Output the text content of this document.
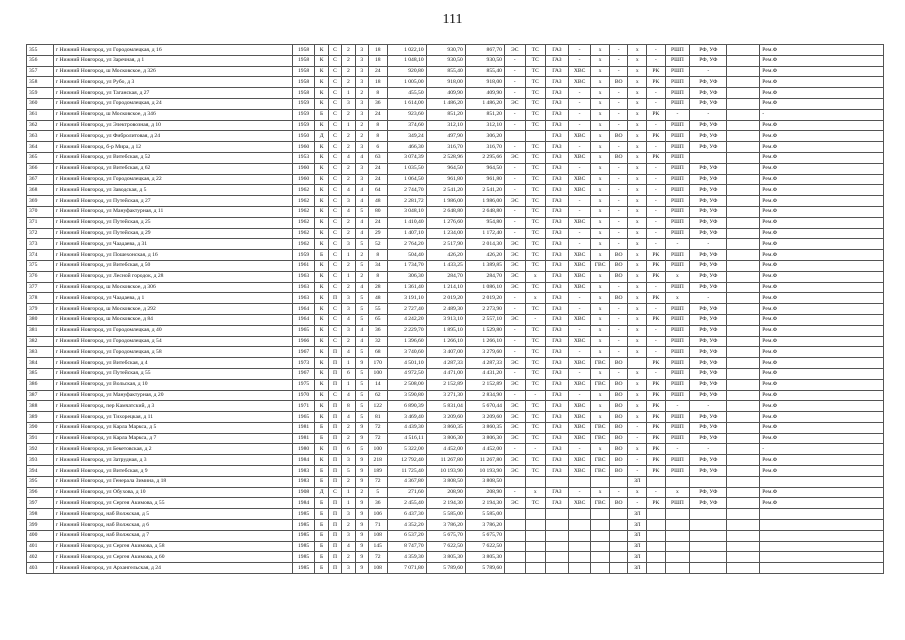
111
355	г Нижний Новгород, ул Городомлецкая, д 16	1958	К	С	2	3	18	1 022,10	930,70	867,70	ЭС	ТС	ГАЗ	-	х	-	х	-	РШП	РФ, УФ		Рем.Ф
356	г Нижний Новгород, ул Заречная, д 1	1958	К	С	2	3	18	1 048,10	930,50	930,50	-	ТС	ГАЗ	-	х	-	х	-	РШП	РФ, УФ		Рем.Ф
357	г Нижний Новгород, ш Московское, д 326	1958	К	С	2	3	24	920,80	855,40	855,40	-	ТС	ГАЗ	ХВС	х	-	х	РК	РШП	-		Рем.Ф
358	г Нижний Новгород, ул Рубо, д 3	1958	К	С	2	3	18	1 005,00	918,00	918,00	-	ТС	ГАЗ	ХВС	х	ВО	х	РК	РШП	РФ, УФ		Рем.Ф
359	г Нижний Новгород, ул Таганская, д 27	1958	К	С	1	2	8	455,50	409,90	409,90	-	ТС	ГАЗ	-	х	-	х	-	РШП	РФ, УФ		Рем.Ф
360	г Нижний Новгород, ул Городомлецкая, д 24	1959	К	С	3	3	36	1 614,00	1 486,20	1 486,20	ЭС	ТС	ГАЗ	-	х	-	х	-	РШП	РФ, УФ		Рем.Ф
361	г Нижний Новгород, ш Московское, д 346	1959	Б	С	2	3	24	923,60	851,20	851,20	-	ТС	ГАЗ	-	х	-	х	РК	-	-		-
362	г Нижний Новгород, ул Электровозная, д 10	1959	К	С	1	2	8	374,60	312,10	312,10	-	ТС	ГАЗ	-	х	-	х	-	РШП	РФ, УФ		Рем.Ф
363	г Нижний Новгород, ул Фибролитовая, д 24	1950	Д	С	2	2	8	349,24	497,90	306,20			ГАЗ	ХВС	х	ВО	х	РК	РШП	РФ, УФ		Рем.Ф
364	г Нижний Новгород, б-р Мира, д 12	1960	К	С	2	3	6	466,30	316,70	316,70	-	ТС	ГАЗ	-	х	-	х	-	РШП	РФ, УФ		Рем.Ф
365	г Нижний Новгород, ул Витебская, д 52	1953	К	С	4	4	63	3 074,39	2 528,96	2 295,66	ЭС	ТС	ГАЗ	ХВС	х	ВО	х	РК	РШП			Рем.Ф
366	г Нижний Новгород, ул Витебская, д 62	1960	К	С	2	3	24	1 035,50	964,50	964,50	-	ТС	ГАЗ	-	х	-	х	-	РШП	РФ, УФ		Рем.Ф
367	г Нижний Новгород, ул Городомлецкая, д 22	1960	К	С	2	3	24	1 064,50	961,80	961,80	-	ТС	ГАЗ	ХВС	х	-	х	-	РШП	РФ, УФ		Рем.Ф
368	г Нижний Новгород, ул Заводская, д 5	1962	К	С	4	4	64	2 744,70	2 541,20	2 541,20	-	ТС	ГАЗ	ХВС	х	-	х	-	РШП	РФ, УФ		Рем.Ф
369	г Нижний Новгород, ул Путейская, д 27	1962	К	С	3	4	48	2 281,72	1 986,00	1 986,00	ЭС	ТС	ГАЗ	-	х	-	х	-	РШП	РФ, УФ		Рем.Ф
370	г Нижний Новгород, ул Мануфактурная, д 11	1962	К	С	4	5	80	3 048,10	2 648,80	2 648,80	-	ТС	ГАЗ	-	х	-	х	-	РШП	РФ, УФ		Рем.Ф
371	г Нижний Новгород, ул Путейская, д 25	1962	К	С	2	4	24	1 410,40	1 276,60	954,80	-	ТС	ГАЗ	ХВС	х	-	х	-	РШП	РФ, УФ		Рем.Ф
372	г Нижний Новгород, ул Путейская, д 29	1962	К	С	2	4	29	1 407,10	1 234,00	1 172,40	-	ТС	ГАЗ	-	х	-	х	-	РШП	РФ, УФ		Рем.Ф
373	г Нижний Новгород, ул Чаадаева, д 31	1962	К	С	3	5	52	2 764,20	2 517,90	2 014,30	ЭС	ТС	ГАЗ	-	х	-	х	-	-	-		Рем.Ф
374	г Нижний Новгород, ул Пошехонская, д 16	1959	Б	С	1	2	8	504,40	426,20	426,20	ЭС	ТС	ГАЗ	ХВС	х	ВО	х	РК	РШП	РФ, УФ		Рем.Ф
375	г Нижний Новгород, ул Витебская, д 50	1961	К	С	2	5	34	1 734,70	1 433,25	1 389,85	ЭС	ТС	ГАЗ	ХВС	ГВС	ВО	х	РК	РШП	РФ, УФ		Рем.Ф
376	г Нижний Новгород, ул Лесной городок, д 28	1963	К	С	1	2	8	306,30	284,70	284,70	ЭС	х	ГАЗ	ХВС	х	ВО	х	РК	х	РФ, УФ		Рем.Ф
377	г Нижний Новгород, ш Московское, д 306	1963	К	С	2	4	28	1 361,40	1 214,10	1 086,10	ЭС	ТС	ГАЗ	ХВС	х	-	х	-	РШП	РФ, УФ		Рем.Ф
378	г Нижний Новгород, ул Чаадаева, д 1	1963	К	П	3	5	48	3 191,10	2 019,20	2 019,20	-	х	ГАЗ	-	х	ВО	х	РК	х	-		Рем.Ф
379	г Нижний Новгород, ш Московское, д 292	1964	К	С	3	5	55	2 727,40	2 489,30	2 273,90	-	ТС	ГАЗ	-	х	-	х	-	РШП	РФ, УФ		Рем.Ф
380	г Нижний Новгород, ш Московское, д 84	1964	К	С	4	5	65	4 242,20	3 913,10	2 557,10	ЭС	-	ГАЗ	ХВС	х	-	х	РК	РШП	РФ, УФ		Рем.Ф
381	г Нижний Новгород, ул Городомлецкая, д 40	1965	К	С	3	4	36	2 229,70	1 895,10	1 529,80	-	ТС	ГАЗ	-	х	-	х	-	РШП	РФ, УФ		Рем.Ф
382	г Нижний Новгород, ул Городомлецкая, д 54	1966	К	С	2	4	32	1 396,60	1 266,10	1 266,10	-	ТС	ГАЗ	ХВС	х	-	х	-	РШП	РФ, УФ		Рем.Ф
383	г Нижний Новгород, ул Городомлецкая, д 58	1967	К	П	4	5	68	3 740,60	3 407,00	3 279,60	-	ТС	ГАЗ	-	х	-	х	-	РШП	РФ, УФ		Рем.Ф
384	г Нижний Новгород, ул Витебская, д 4	1973	К	П	1	9	170	4 501,10	4 287,33	4 287,33	ЭС	ТС	ГАЗ	ХВС	ГВС	ВО		РК	РШП	РФ, УФ		Рем.Ф
385	г Нижний Новгород, ул Путейская, д 55	1967	К	П	6	5	100	4 972,50	4 471,00	4 431,20	-	ТС	ГАЗ	-	х	-	х	-	РШП	РФ, УФ		Рем.Ф
386	г Нижний Новгород, ул Вольская, д 10	1975	К	П	1	5	14	2 508,00	2 152,89	2 152,89	ЭС	ТС	ГАЗ	ХВС	ГВС	ВО	х	РК	РШП	РФ, УФ		Рем.Ф
387	г Нижний Новгород, ул Мануфактурная, д 20	1970	К	С	4	5	62	3 590,80	3 271,30	2 834,90	-	-	ГАЗ	-	х	ВО	х	РК	РШП	РФ, УФ		Рем.Ф
388	г Нижний Новгород, пер Камчатский, д 3	1971	К	П	8	5	122	6 890,39	5 831,04	5 670,44	ЭС	ТС	ГАЗ	ХВС	х	ВО	х	РК	-	-		Рем.Ф
389	г Нижний Новгород, ул Тихорецкая, д 11	1965	К	П	4	5	81	3 469,40	3 209,60	3 209,60	ЭС	ТС	ГАЗ	ХВС	х	ВО	х	РК	РШП	РФ, УФ		Рем.Ф
390	г Нижний Новгород, ул Карла Маркса, д 5	1981	Б	П	2	9	72	4 439,30	3 860,35	3 860,35	ЭС	ТС	ГАЗ	ХВС	ГВС	ВО	-	РК	РШП	РФ, УФ		Рем.Ф
391	г Нижний Новгород, ул Карла Маркса, д 7	1981	Б	П	2	9	72	4 516,11	3 806,30	3 806,30	ЭС	ТС	ГАЗ	ХВС	ГВС	ВО	-	РК	РШП	РФ, УФ		Рем.Ф
392	г Нижний Новгород, ул Бекетовская, д 2	1980	К	П	6	5	100	5 322,00	4 452,00	4 452,00	-	-	ГАЗ	-	х	ВО	х	РК	-	-		-
393	г Нижний Новгород, ул Затрудная, д 3	1984	К	П	3	9	218	12 792,40	11 267,80	11 267,80	ЭС	ТС	ГАЗ	ХВС	ГВС	ВО	-	РК	РШП	РФ, УФ		Рем.Ф
394	г Нижний Новгород, ул Витебская, д 9	1983	Б	П	5	9	189	11 725,40	10 193,90	10 193,90	ЭС	ТС	ГАЗ	ХВС	ГВС	ВО	-	РК	РШП	РФ, УФ		Рем.Ф
395	г Нижний Новгород, ул Генерала Зимина, д 18	1983	Б	П	2	9	72	4 367,80	3 808,50	3 808,50							ЗЛ					
396	г Нижний Новгород, ул Обухова, д 10	1908	Д	С	1	2	5	271,60	208,90	208,90	-	х	ГАЗ	-	х	-	х	-	х	РФ, УФ		Рем.Ф
397	г Нижний Новгород, ул Сергея Акимова, д 55	1984	Б	П	1	9	36	2 455,40	2 194,30	2 194,30	ЭС	ТС	ГАЗ	ХВС	ГВС	ВО	-	РК	РШП	РФ, УФ		Рем.Ф
398	г Нижний Новгород, наб Волжская, д 5	1985	Б	П	3	9	106	6 437,30	5 585,00	5 585,00							ЗЛ					
399	г Нижний Новгород, наб Волжская, д 6	1985	Б	П	2	9	71	4 352,20	3 786,20	3 786,20							ЗЛ					
400	г Нижний Новгород, наб Волжская, д 7	1985	Б	П	3	9	108	6 537,20	5 675,70	5 675,70							ЗЛ					
401	г Нижний Новгород, ул Сергея Акимова, д 58	1985	Б	П	4	9	145	8 747,70	7 622,50	7 622,50							ЗЛ					
402	г Нижний Новгород, ул Сергея Акимова, д 60	1985	Б	П	2	9	72	4 359,30	3 805,30	3 805,30							ЗЛ					
403	г Нижний Новгород, ул Архангельская, д 24	1985	Б	П	3	9	108	7 071,80	5 789,60	5 789,60							ЗЛ					
